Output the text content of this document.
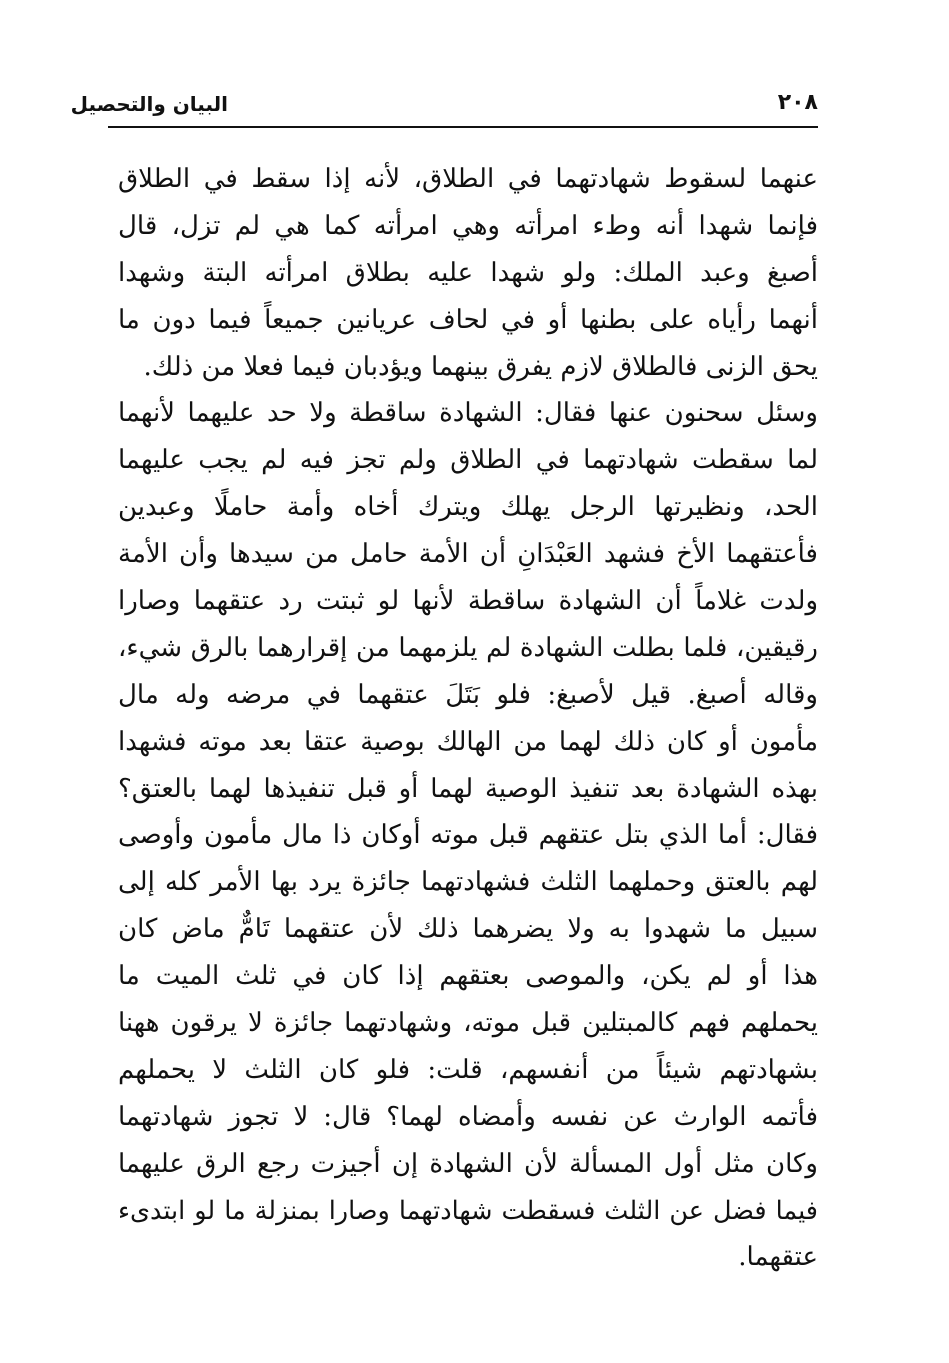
٢٠٨
البيان والتحصيل
عنهما لسقوط شهادتهما في الطلاق، لأنه إذا سقط في الطلاق
فإنما شهدا أنه وطء امرأته وهي امرأته كما هي لم تزل، قال
أصبغ وعبد الملك: ولو شهدا عليه بطلاق امرأته البتة وشهدا
أنهما رأياه على بطنها أو في لحاف عريانين جميعاً فيما دون ما
يحق الزنى فالطلاق لازم يفرق بينهما ويؤدبان فيما فعلا من ذلك.
وسئل سحنون عنها فقال: الشهادة ساقطة ولا حد عليهما لأنهما
لما سقطت شهادتهما في الطلاق ولم تجز فيه لم يجب عليهما
الحد، ونظيرتها الرجل يهلك ويترك أخاه وأمة حاملًا وعبدين
فأعتقهما الأخ فشهد العَبْدَانِ أن الأمة حامل من سيدها وأن الأمة
ولدت غلاماً أن الشهادة ساقطة لأنها لو ثبتت رد عتقهما وصارا
رقيقين، فلما بطلت الشهادة لم يلزمهما من إقرارهما بالرق شيء،
وقاله أصبغ. قيل لأصبغ: فلو بَتَلَ عتقهما في مرضه وله مال
مأمون أو كان ذلك لهما من الهالك بوصية عتقا بعد موته فشهدا
بهذه الشهادة بعد تنفيذ الوصية لهما أو قبل تنفيذها لهما بالعتق؟
فقال: أما الذي بتل عتقهم قبل موته أوكان ذا مال مأمون وأوصى
لهم بالعتق وحملهما الثلث فشهادتهما جائزة يرد بها الأمر كله إلى
سبيل ما شهدوا به ولا يضرهما ذلك لأن عتقهما تَامٌّ ماض كان
هذا أو لم يكن، والموصى بعتقهم إذا كان في ثلث الميت ما
يحملهم فهم كالمبتلين قبل موته، وشهادتهما جائزة لا يرقون ههنا
بشهادتهم شيئاً من أنفسهم، قلت: فلو كان الثلث لا يحملهم
فأتمه الوارث عن نفسه وأمضاه لهما؟ قال: لا تجوز شهادتهما
وكان مثل أول المسألة لأن الشهادة إن أجيزت رجع الرق عليهما
فيما فضل عن الثلث فسقطت شهادتهما وصارا بمنزلة ما لو ابتدىء
عتقهما.
